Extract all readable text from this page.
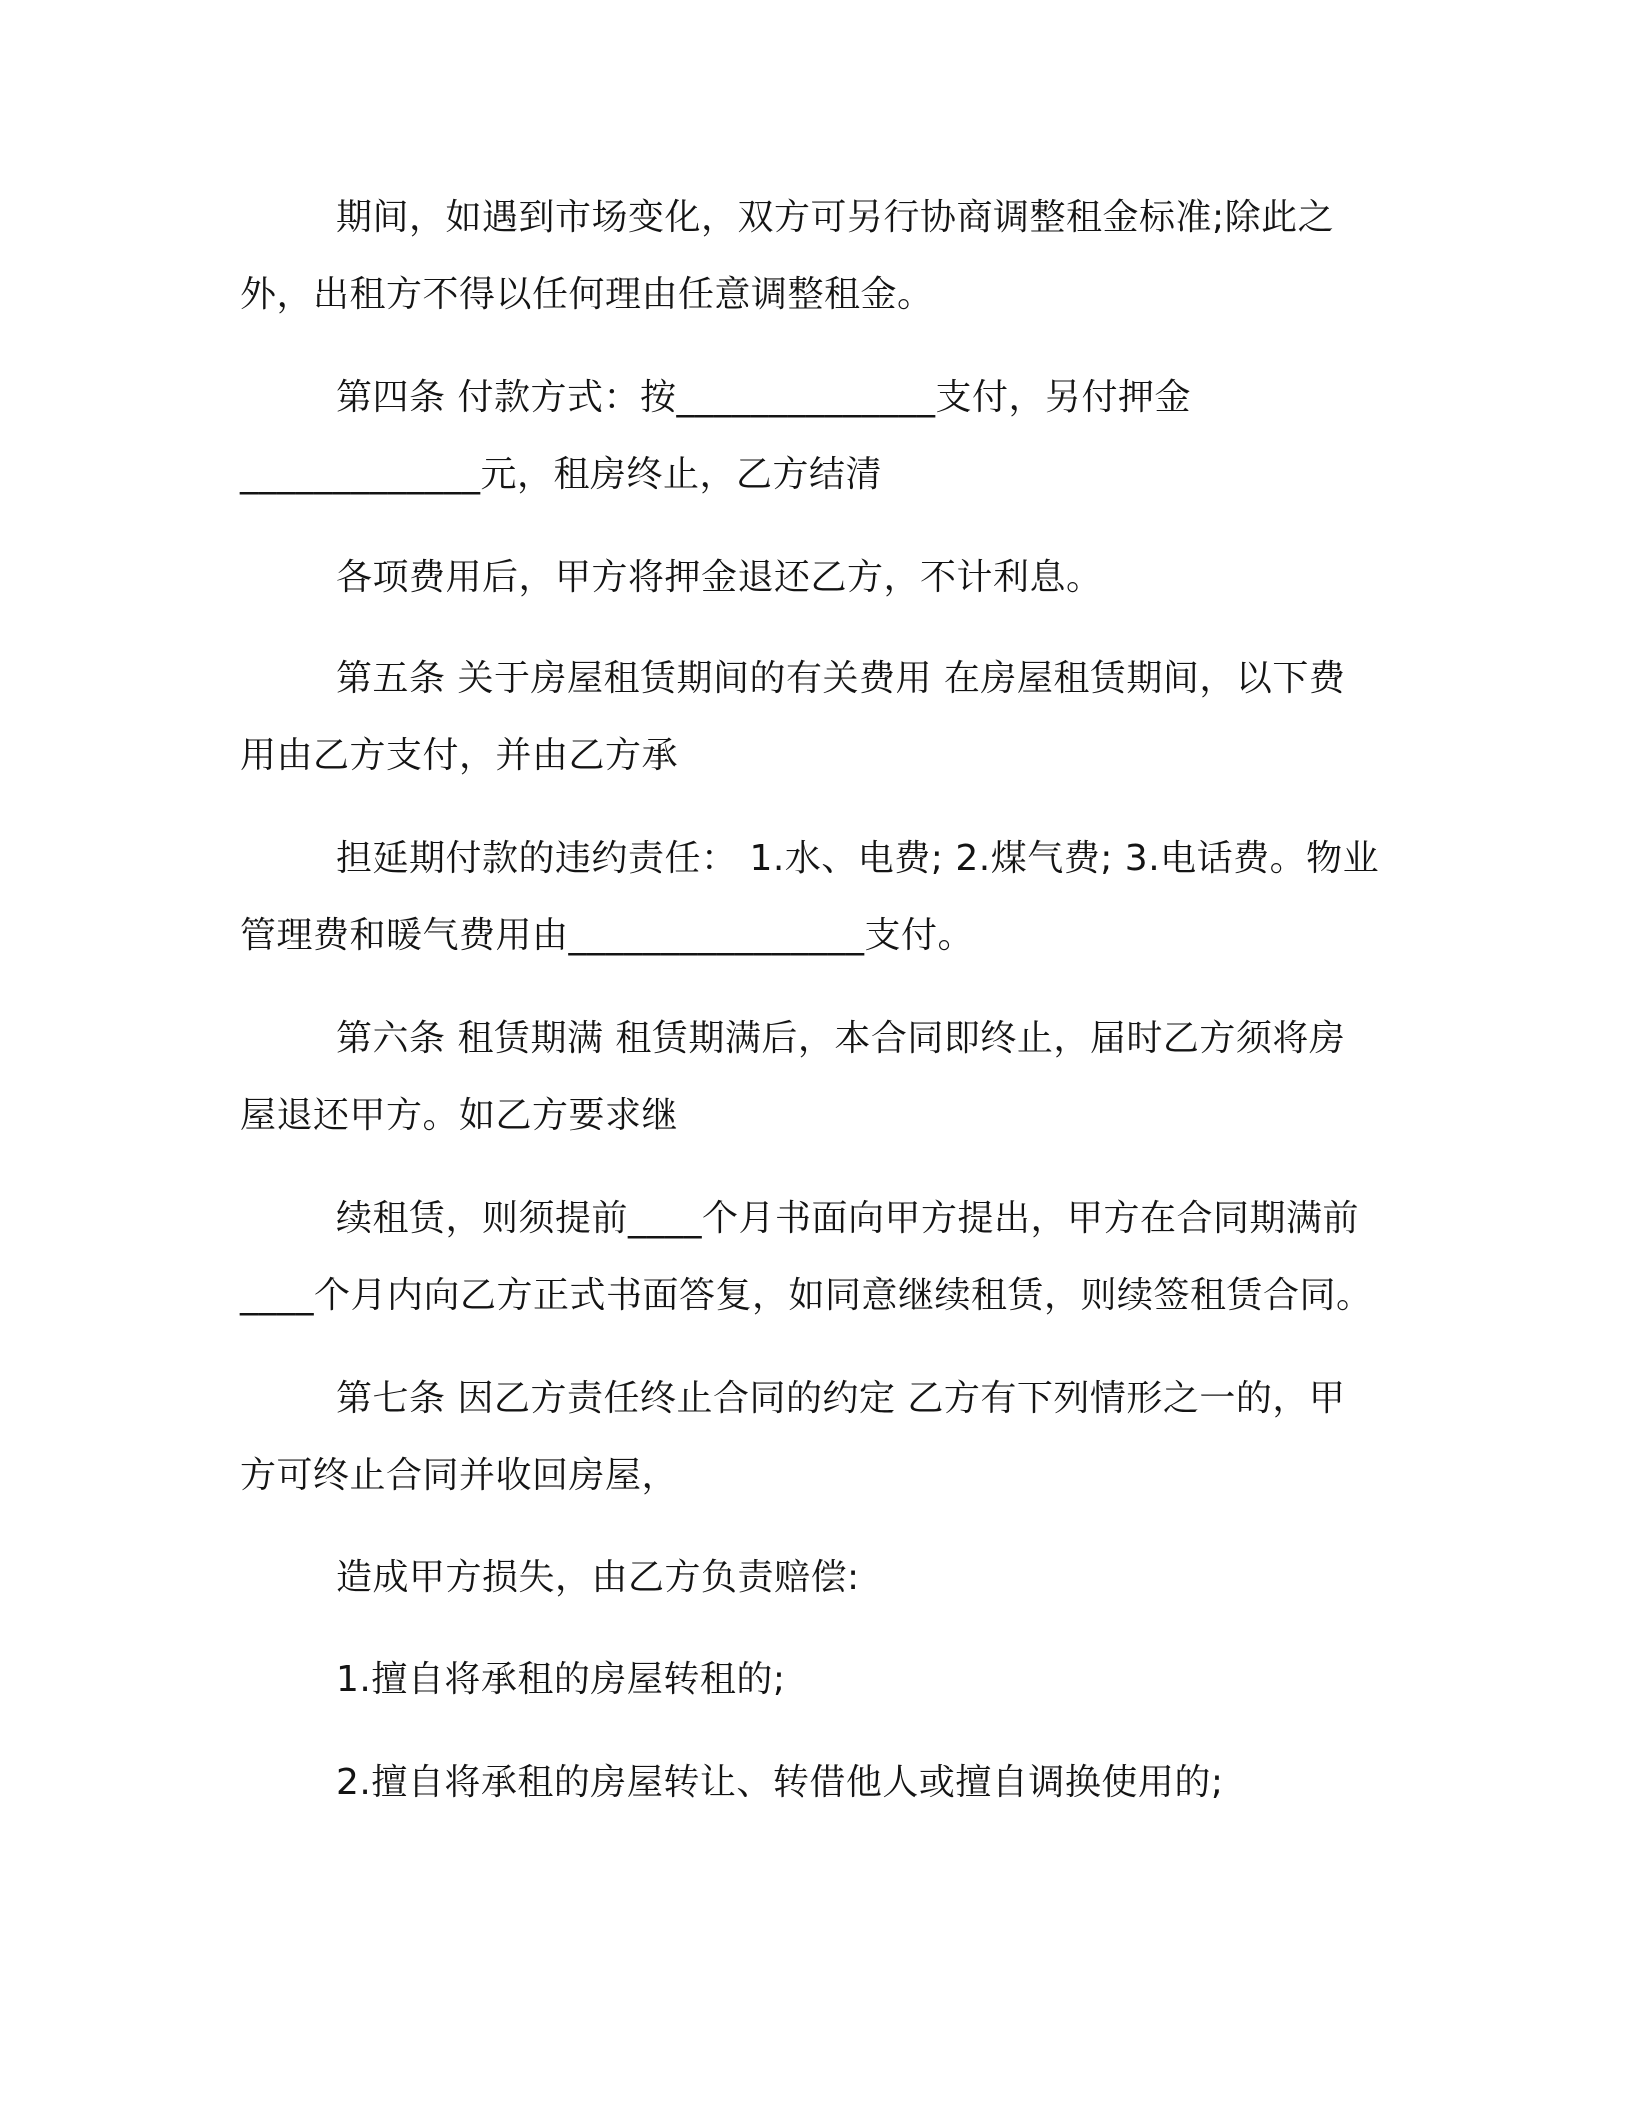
期间，如遇到市场变化，双方可另行协商调整租金标准;除此之
外，出租方不得以任何理由任意调整租金。
第四条 付款方式：按______________支付，另付押金
_____________元，租房终止，乙方结清
各项费用后，甲方将押金退还乙方，不计利息。
第五条 关于房屋租赁期间的有关费用 在房屋租赁期间，以下费
用由乙方支付，并由乙方承
担延期付款的违约责任： 1.水、电费; 2.煤气费; 3.电话费。物业
管理费和暖气费用由________________支付。
第六条 租赁期满 租赁期满后，本合同即终止，届时乙方须将房
屋退还甲方。如乙方要求继
续租赁，则须提前____个月书面向甲方提出，甲方在合同期满前
____个月内向乙方正式书面答复，如同意继续租赁，则续签租赁合同。
第七条 因乙方责任终止合同的约定 乙方有下列情形之一的，甲
方可终止合同并收回房屋，
造成甲方损失，由乙方负责赔偿:
1.擅自将承租的房屋转租的;
2.擅自将承租的房屋转让、转借他人或擅自调换使用的;
